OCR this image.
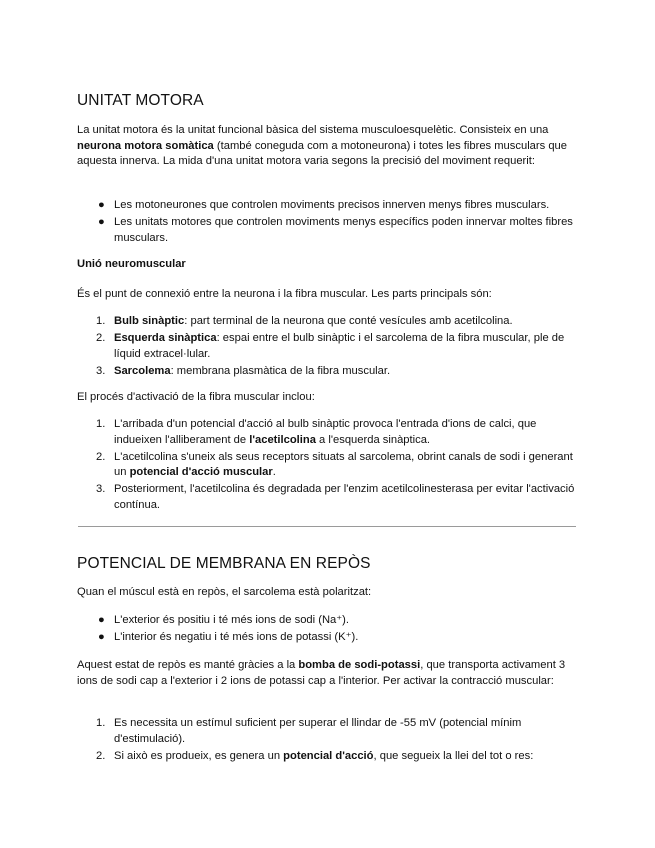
UNITAT MOTORA

La unitat motora és la unitat funcional bàsica del sistema musculoesquelètic. Consisteix en una neurona motora somàtica (també coneguda com a motoneurona) i totes les fibres musculars que aquesta innerva. La mida d'una unitat motora varia segons la precisió del moviment requerit:

● Les motoneurones que controlen moviments precisos innerven menys fibres musculars.
● Les unitats motores que controlen moviments menys específics poden innervar moltes fibres musculars.

Unió neuromuscular

És el punt de connexió entre la neurona i la fibra muscular. Les parts principals són:

1. Bulb sinàptic: part terminal de la neurona que conté vesícules amb acetilcolina.
2. Esquerda sinàptica: espai entre el bulb sinàptic i el sarcolema de la fibra muscular, ple de líquid extracel·lular.
3. Sarcolema: membrana plasmàtica de la fibra muscular.

El procés d'activació de la fibra muscular inclou:

1. L'arribada d'un potencial d'acció al bulb sinàptic provoca l'entrada d'ions de calci, que indueixen l'alliberament de l'acetilcolina a l'esquerda sinàptica.
2. L'acetilcolina s'uneix als seus receptors situats al sarcolema, obrint canals de sodi i generant un potencial d'acció muscular.
3. Posteriorment, l'acetilcolina és degradada per l'enzim acetilcolinesterasa per evitar l'activació contínua.
POTENCIAL DE MEMBRANA EN REPÒS

Quan el múscul està en repòs, el sarcolema està polaritzat:

● L'exterior és positiu i té més ions de sodi (Na⁺).
● L'interior és negatiu i té més ions de potassi (K⁺).

Aquest estat de repòs es manté gràcies a la bomba de sodi-potassi, que transporta activament 3 ions de sodi cap a l'exterior i 2 ions de potassi cap a l'interior. Per activar la contracció muscular:

1. Es necessita un estímul suficient per superar el llindar de -55 mV (potencial mínim d'estimulació).
2. Si això es produeix, es genera un potencial d'acció, que segueix la llei del tot o res:
